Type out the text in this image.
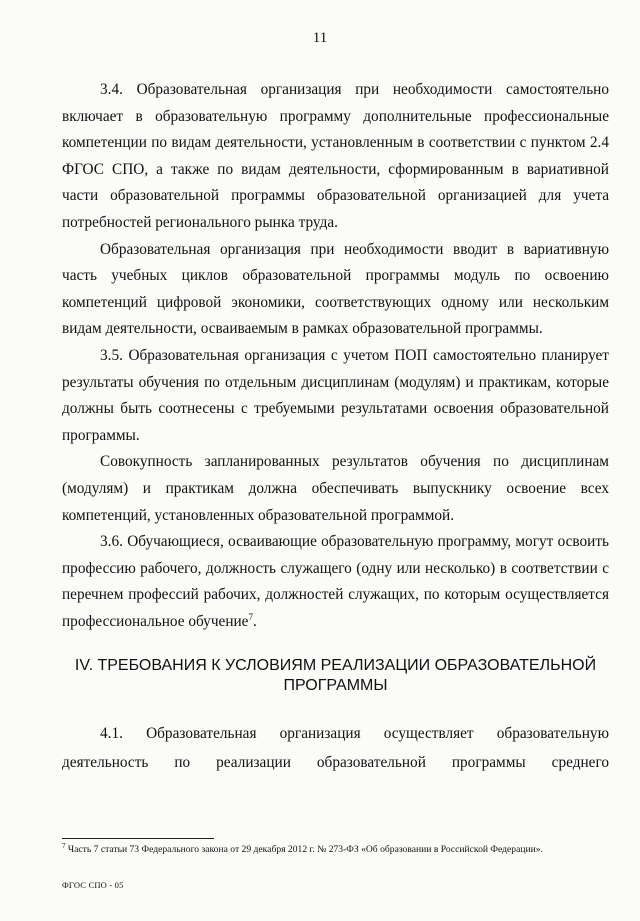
11

3.4. Образовательная организация при необходимости самостоятельно включает в образовательную программу дополнительные профессиональные компетенции по видам деятельности, установленным в соответствии с пунктом 2.4 ФГОС СПО, а также по видам деятельности, сформированным в вариативной части образовательной программы образовательной организацией для учета потребностей регионального рынка труда.

Образовательная организация при необходимости вводит в вариативную часть учебных циклов образовательной программы модуль по освоению компетенций цифровой экономики, соответствующих одному или нескольким видам деятельности, осваиваемым в рамках образовательной программы.

3.5. Образовательная организация с учетом ПОП самостоятельно планирует результаты обучения по отдельным дисциплинам (модулям) и практикам, которые должны быть соотнесены с требуемыми результатами освоения образовательной программы.

Совокупность запланированных результатов обучения по дисциплинам (модулям) и практикам должна обеспечивать выпускнику освоение всех компетенций, установленных образовательной программой.

3.6. Обучающиеся, осваивающие образовательную программу, могут освоить профессию рабочего, должность служащего (одну или несколько) в соответствии с перечнем профессий рабочих, должностей служащих, по которым осуществляется профессиональное обучение$^7$.

IV. ТРЕБОВАНИЯ К УСЛОВИЯМ РЕАЛИЗАЦИИ ОБРАЗОВАТЕЛЬНОЙ
ПРОГРАММЫ

4.1. Образовательная организация осуществляет образовательную деятельность по реализации образовательной программы среднего

$^7$ Часть 7 статьи 73 Федерального закона от 29 декабря 2012 г. № 273-ФЗ «Об образовании в Российской Федерации».
ФГОС СПО - 05
